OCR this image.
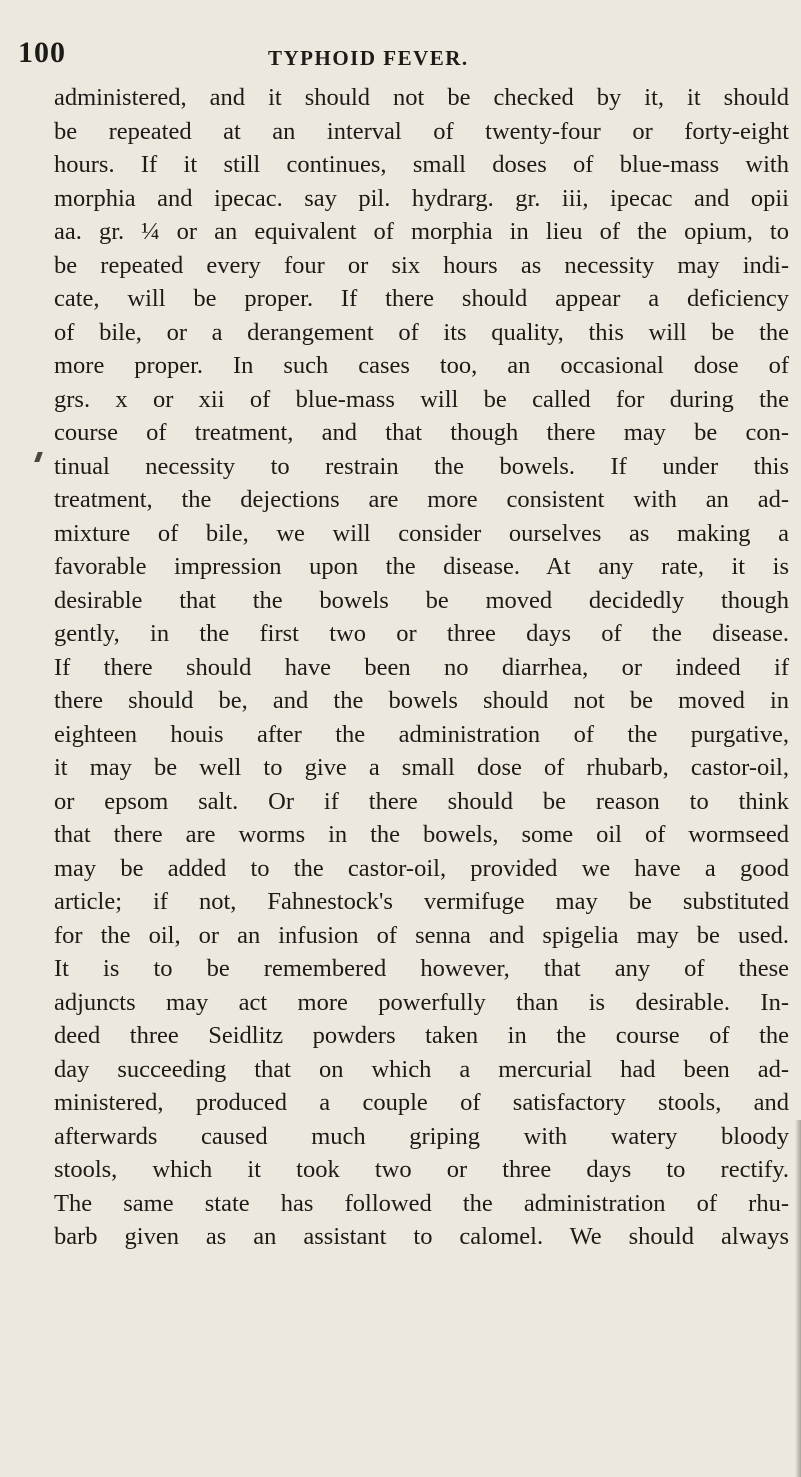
100	TYPHOID FEVER.
administered, and it should not be checked by it, it should
be repeated at an interval of twenty-four or forty-eight
hours. If it still continues, small doses of blue-mass with
morphia and ipecac. say pil. hydrarg. gr. iii, ipecac and opii
aa. gr. ¼ or an equivalent of morphia in lieu of the opium, to
be repeated every four or six hours as necessity may indi-
cate, will be proper. If there should appear a deficiency
of bile, or a derangement of its quality, this will be the
more proper. In such cases too, an occasional dose of
grs. x or xii of blue-mass will be called for during the
course of treatment, and that though there may be con-
tinual necessity to restrain the bowels. If under this
treatment, the dejections are more consistent with an ad-
mixture of bile, we will consider ourselves as making a
favorable impression upon the disease. At any rate, it is
desirable that the bowels be moved decidedly though
gently, in the first two or three days of the disease.
If there should have been no diarrhea, or indeed if
there should be, and the bowels should not be moved in
eighteen houis after the administration of the purgative,
it may be well to give a small dose of rhubarb, castor-oil,
or epsom salt. Or if there should be reason to think
that there are worms in the bowels, some oil of wormseed
may be added to the castor-oil, provided we have a good
article; if not, Fahnestock's vermifuge may be substituted
for the oil, or an infusion of senna and spigelia may be used.
It is to be remembered however, that any of these
adjuncts may act more powerfully than is desirable. In-
deed three Seidlitz powders taken in the course of the
day succeeding that on which a mercurial had been ad-
ministered, produced a couple of satisfactory stools, and
afterwards caused much griping with watery bloody
stools, which it took two or three days to rectify.
The same state has followed the administration of rhu-
barb given as an assistant to calomel. We should always
